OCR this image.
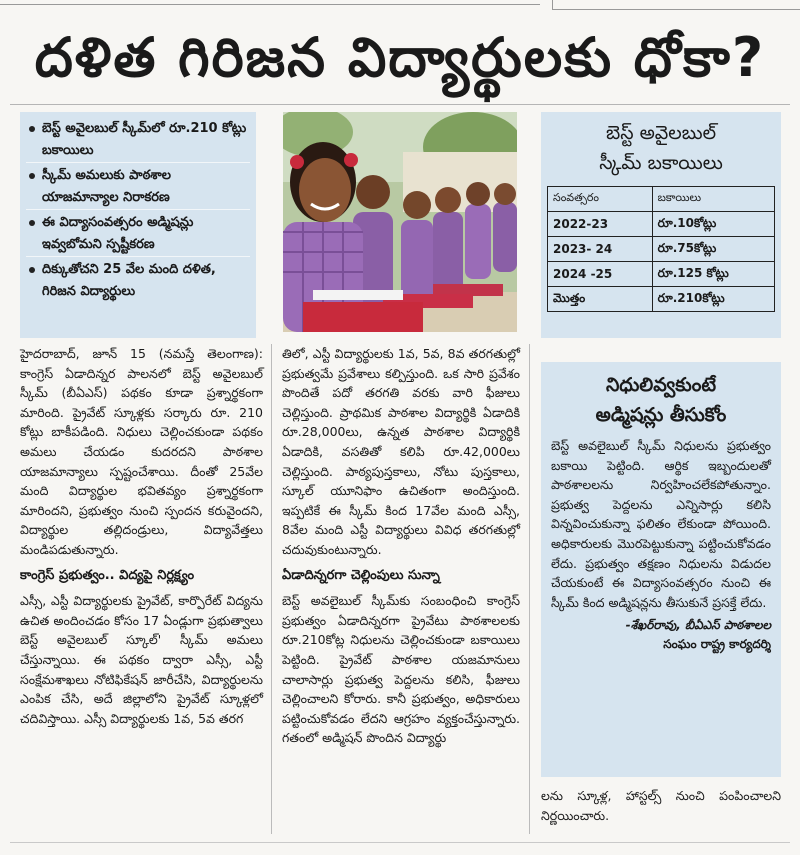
దళిత గిరిజన విద్యార్థులకు ధోకా?
బెస్ట్ అవైలబుల్ స్కీమ్‌లో రూ.210 కోట్లు బకాయిలు
స్కీమ్ అమలుకు పాఠశాల యాజమాన్యాల నిరాకరణ
ఈ విద్యాసంవత్సరం అడ్మిషన్లు ఇవ్వబోమని స్పష్టీకరణ
దిక్కుతోచని 25 వేల మంది దళిత, గిరిజన విద్యార్థులు
బెస్ట్ అవైలబుల్
స్కీమ్ బకాయిలు
సంవత్సరం	బకాయిలు
2022-23	రూ.10కోట్లు
2023- 24	రూ.75కోట్లు
2024 -25	రూ.125 కోట్లు
మొత్తం	రూ.210కోట్లు

హైదరాబాద్, జూన్ 15 (నమస్తే తెలంగాణ): కాంగ్రెస్ ఏడాదిన్నర పాలనలో బెస్ట్ అవైలబుల్ స్కీమ్ (బీఏఎస్) పథకం కూడా ప్రశ్నార్థకంగా మారింది. ప్రైవేట్ స్కూళ్లకు సర్కారు రూ. 210 కోట్లు బాకీపడింది. నిధులు చెల్లించకుండా పథకం అమలు చేయడం కుదరదని పాఠశాల యాజమాన్యాలు స్పష్టంచేశాయి. దీంతో 25వేల మంది విద్యార్థుల భవితవ్యం ప్రశ్నార్థకంగా మారిందని, ప్రభుత్వం నుంచి స్పందన కరువైందని, విద్యార్థుల తల్లిదండ్రులు, విద్యావేత్తలు మండిపడుతున్నారు.

కాంగ్రెస్ ప్రభుత్వం.. విద్యపై నిర్లక్ష్యం

ఎస్సీ, ఎస్టీ విద్యార్థులకు ప్రైవేట్, కార్పొరేట్ విద్యను ఉచిత అందించడం కోసం 17 ఏండ్లుగా ప్రభుత్వాలు బెస్ట్ అవైలబుల్ స్కూల్' స్కీమ్ అమలు చేస్తున్నాయి. ఈ పథకం ద్వారా ఎస్సీ, ఎస్టీ సంక్షేమశాఖలు నోటిఫికేషన్ జారీచేసి, విద్యార్థులను ఎంపిక చేసి, అదే జిల్లాలోని ప్రైవేట్ స్కూళ్లలో చదివిస్తాయి. ఎస్సీ విద్యార్థులకు 1వ, 5వ తరగ

తిలో, ఎస్టీ విద్యార్థులకు 1వ, 5వ, 8వ తరగతుల్లో ప్రభుత్వమే ప్రవేశాలు కల్పిస్తుంది. ఒక సారి ప్రవేశం పొందితే పదో తరగతి వరకు వారి ఫీజులు చెల్లిస్తుంది. ప్రాథమిక పాఠశాల విద్యార్థికి ఏడాదికి రూ.28,000లు, ఉన్నత పాఠశాల విద్యార్థికి ఏడాదికి, వసతితో కలిపి రూ.42,000లు చెల్లిస్తుంది. పాఠ్యపుస్తకాలు, నోటు పుస్తకాలు, స్కూల్ యూనిఫాం ఉచితంగా అందిస్తుంది. ఇప్పటికే ఈ స్కీమ్ కింద 17వేల మంది ఎస్సీ, 8వేల మంది ఎస్టీ విద్యార్థులు వివిధ తరగతుల్లో చదువుకుంటున్నారు.

ఏడాదిన్నరగా చెల్లింపులు సున్నా

బెస్ట్ అవలైబుల్ స్కీమ్‌కు సంబంధించి కాంగ్రెస్ ప్రభుత్వం ఏడాదిన్నరగా ప్రైవేటు పాఠశాలలకు రూ.210కోట్ల నిధులను చెల్లించకుండా బకాయిలు పెట్టింది. ప్రైవేట్ పాఠశాల యజమానులు చాలాసార్లు ప్రభుత్వ పెద్దలను కలిసి, ఫీజులు చెల్లించాలని కోరారు. కానీ ప్రభుత్వం, అధికారులు పట్టించుకోవడం లేదని ఆగ్రహం వ్యక్తంచేస్తున్నారు. గతంలో అడ్మిషన్ పొందిన విద్యార్థు

నిధులివ్వకుంటే
అడ్మిషన్లు తీసుకోం
బెస్ట్ అవలైబుల్ స్కీమ్ నిధులను ప్రభుత్వం బకాయి పెట్టింది. ఆర్థిక ఇబ్బందులతో పాఠశాలలను నిర్వహించలేకపోతున్నాం. ప్రభుత్వ పెద్దలను ఎన్నిసార్లు కలిసి విన్నవించుకున్నా ఫలితం లేకుండా పోయింది. అధికారులకు మొరపెట్టుకున్నా పట్టించుకోవడం లేదు. ప్రభుత్వం తక్షణం నిధులను విడుదల చేయకుంటే ఈ విద్యాసంవత్సరం నుంచి ఈ స్కీమ్ కింద అడ్మిషన్లను తీసుకునే ప్రసక్తే లేదు.
-శేఖర్‌రావు, బీఏఎస్ పాఠశాలల
సంఘం రాష్ట్ర కార్యదర్శి
లను స్కూళ్ల, హాస్టల్స్ నుంచి పంపించాలని నిర్ణయించారు.
